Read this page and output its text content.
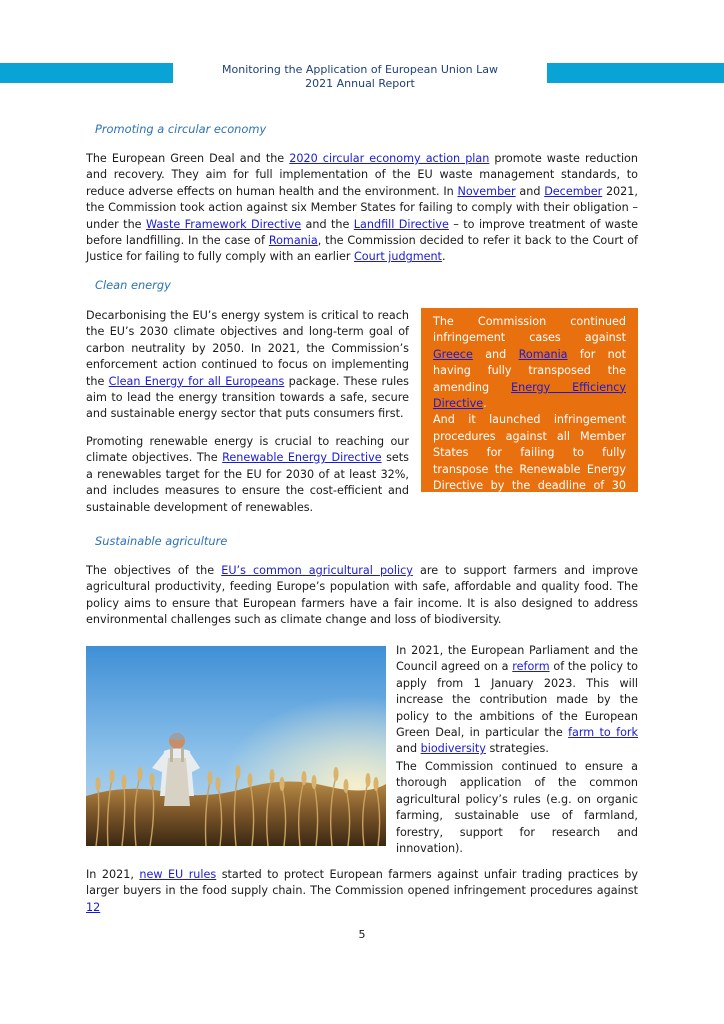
Monitoring the Application of European Union Law
2021 Annual Report
Promoting a circular economy

The European Green Deal and the 2020 circular economy action plan promote waste reduction and recovery. They aim for full implementation of the EU waste management standards, to reduce adverse effects on human health and the environment. In November and December 2021, the Commission took action against six Member States for failing to comply with their obligation – under the Waste Framework Directive and the Landfill Directive – to improve treatment of waste before landfilling. In the case of Romania, the Commission decided to refer it back to the Court of Justice for failing to fully comply with an earlier Court judgment.

Clean energy

Decarbonising the EU’s energy system is critical to reach the EU’s 2030 climate objectives and long-term goal of carbon neutrality by 2050. In 2021, the Commission’s enforcement action continued to focus on implementing the Clean Energy for all Europeans package. These rules aim to lead the energy transition towards a safe, secure and sustainable energy sector that puts consumers first.

Promoting renewable energy is crucial to reaching our climate objectives. The Renewable Energy Directive sets a renewables target for the EU for 2030 of at least 32%, and includes measures to ensure the cost-efficient and sustainable development of renewables.

The Commission continued infringement cases against Greece and Romania for not having fully transposed the amending Energy Efficiency Directive.
And it launched infringement procedures against all Member States for failing to fully transpose the Renewable Energy Directive by the deadline of 30 June 2021.
Sustainable agriculture

The objectives of the EU’s common agricultural policy are to support farmers and improve agricultural productivity, feeding Europe’s population with safe, affordable and quality food. The policy aims to ensure that European farmers have a fair income. It is also designed to address environmental challenges such as climate change and loss of biodiversity.

In 2021, the European Parliament and the Council agreed on a reform of the policy to apply from 1 January 2023. This will increase the contribution made by the policy to the ambitions of the European Green Deal, in particular the farm to fork and biodiversity strategies.

The Commission continued to ensure a thorough application of the common agricultural policy’s rules (e.g. on organic farming, sustainable use of farmland, forestry, support for research and innovation).

In 2021, new EU rules started to protect European farmers against unfair trading practices by larger buyers in the food supply chain. The Commission opened infringement procedures against 12

5
